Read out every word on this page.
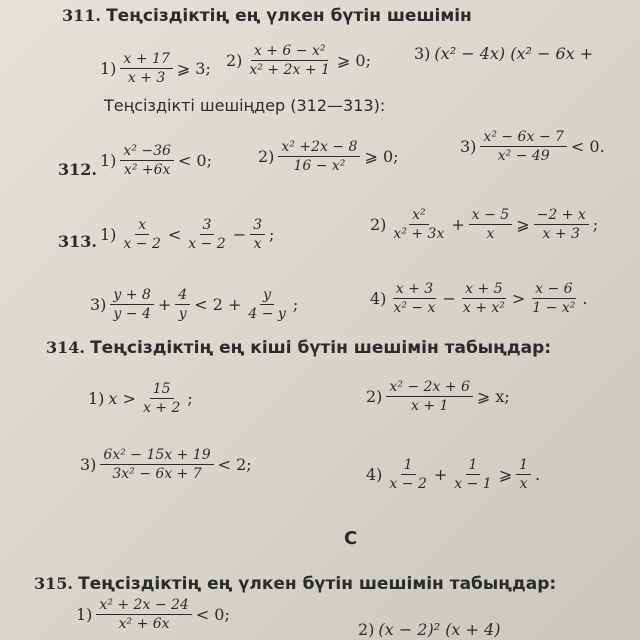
311. Теңсіздіктің ең үлкен бүтін шешімін
$1) \frac{x + 17}{x + 3}$ ⩾ 3; $2) \frac{\text{x + 6 − x²}}{\text{x² + 2x + 1}}$ ⩾ 0;	3) (x² − 4x) (x² − 6x +
Теңсіздікті шешіңдер (312—313):
312. $1) \frac{\text{x² −36}}{\text{x² +6x}} < 0$;	$2) \frac{\text{x² +2x − 8}}{\text{16 − x²}}$ ⩾ 0;
$3) \frac{\text{x² − 6x − 7}}{\text{x² − 49}} < 0$.
313. $1) \frac{x}{x - 2} < \frac{3}{x - 2} - \frac{3}{x}$ ;
$2) \frac{\text{x²}}{\text{x² + 3x}} + \frac{x - 5}{x}$ ⩾ $\frac{-2 + x}{x + 3}$ ;
$3) \frac{y + 8}{y - 4} + \frac{4}{y} < 2 + \frac{y}{4 - y}$ ;	$4) \frac{x + 3}{\text{x² − x}} - \frac{x + 5}{\text{x + x²}} > \frac{x - 6}{\text{1 − x²}}$ .
314. Теңсіздіктің ең кіші бүтін шешімін табыңдар:
1) $x > \frac{15}{x + 2}$ ;	$2) \frac{\text{x² − 2x + 6}}{x + 1}$ ⩾ x;
$3) \frac{\text{6x² − 15x + 19}}{\text{3x² − 6x + 7}} < 2$;
$4) \frac{1}{x - 2} + \frac{1}{x - 1}$ ⩾ $\frac{1}{x}$ .
C
315. Теңсіздіктің ең үлкен бүтін шешімін табыңдар:
$1) \frac{\text{x² + 2x − 24}}{\text{x² + 6x}} < 0$;
2) (x − 2)² (x + 4)
